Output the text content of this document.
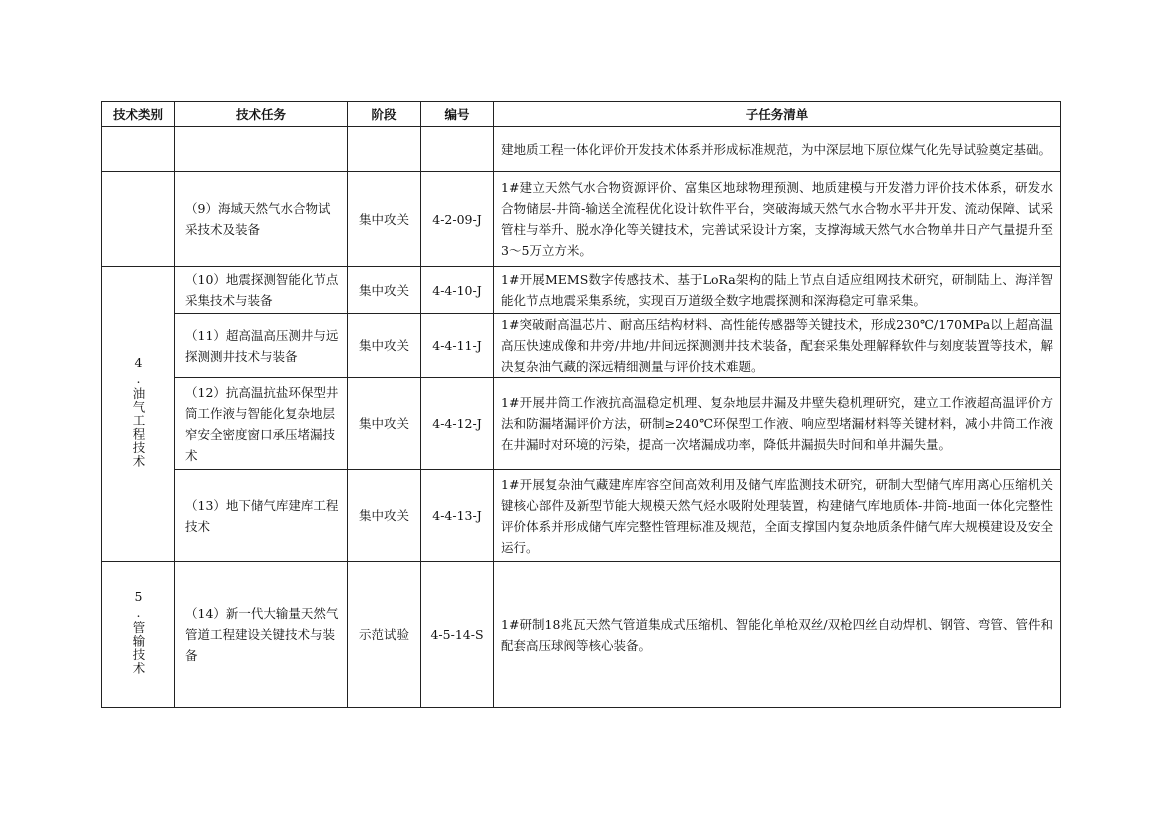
技术类别	技术任务	阶段	编号	子任务清单
				建地质工程一体化评价开发技术体系并形成标准规范，为中深层地下原位煤气化先导试验奠定基础。
	（9）海域天然气水合物试采技术及装备	集中攻关	4-2-09-J	1#建立天然气水合物资源评价、富集区地球物理预测、地质建模与开发潜力评价技术体系，研发水合物储层-井筒-输送全流程优化设计软件平台，突破海域天然气水合物水平井开发、流动保障、试采管柱与举升、脱水净化等关键技术，完善试采设计方案，支撑海域天然气水合物单井日产气量提升至3～5万立方米。
4.油气工程技术	（10）地震探测智能化节点采集技术与装备	集中攻关	4-4-10-J	1#开展MEMS数字传感技术、基于LoRa架构的陆上节点自适应组网技术研究，研制陆上、海洋智能化节点地震采集系统，实现百万道级全数字地震探测和深海稳定可靠采集。
	（11）超高温高压测井与远探测测井技术与装备	集中攻关	4-4-11-J	1#突破耐高温芯片、耐高压结构材料、高性能传感器等关键技术，形成230℃/170MPa以上超高温高压快速成像和井旁/井地/井间远探测测井技术装备，配套采集处理解释软件与刻度装置等技术，解决复杂油气藏的深远精细测量与评价技术难题。
	（12）抗高温抗盐环保型井筒工作液与智能化复杂地层窄安全密度窗口承压堵漏技术	集中攻关	4-4-12-J	1#开展井筒工作液抗高温稳定机理、复杂地层井漏及井壁失稳机理研究，建立工作液超高温评价方法和防漏堵漏评价方法，研制≥240℃环保型工作液、响应型堵漏材料等关键材料，减小井筒工作液在井漏时对环境的污染，提高一次堵漏成功率，降低井漏损失时间和单井漏失量。
	（13）地下储气库建库工程技术	集中攻关	4-4-13-J	1#开展复杂油气藏建库库容空间高效利用及储气库监测技术研究，研制大型储气库用离心压缩机关键核心部件及新型节能大规模天然气烃水吸附处理装置，构建储气库地质体-井筒-地面一体化完整性评价体系并形成储气库完整性管理标准及规范，全面支撑国内复杂地质条件储气库大规模建设及安全运行。
5.管输技术	（14）新一代大输量天然气管道工程建设关键技术与装备	示范试验	4-5-14-S	1#研制18兆瓦天然气管道集成式压缩机、智能化单枪双丝/双枪四丝自动焊机、钢管、弯管、管件和配套高压球阀等核心装备。
